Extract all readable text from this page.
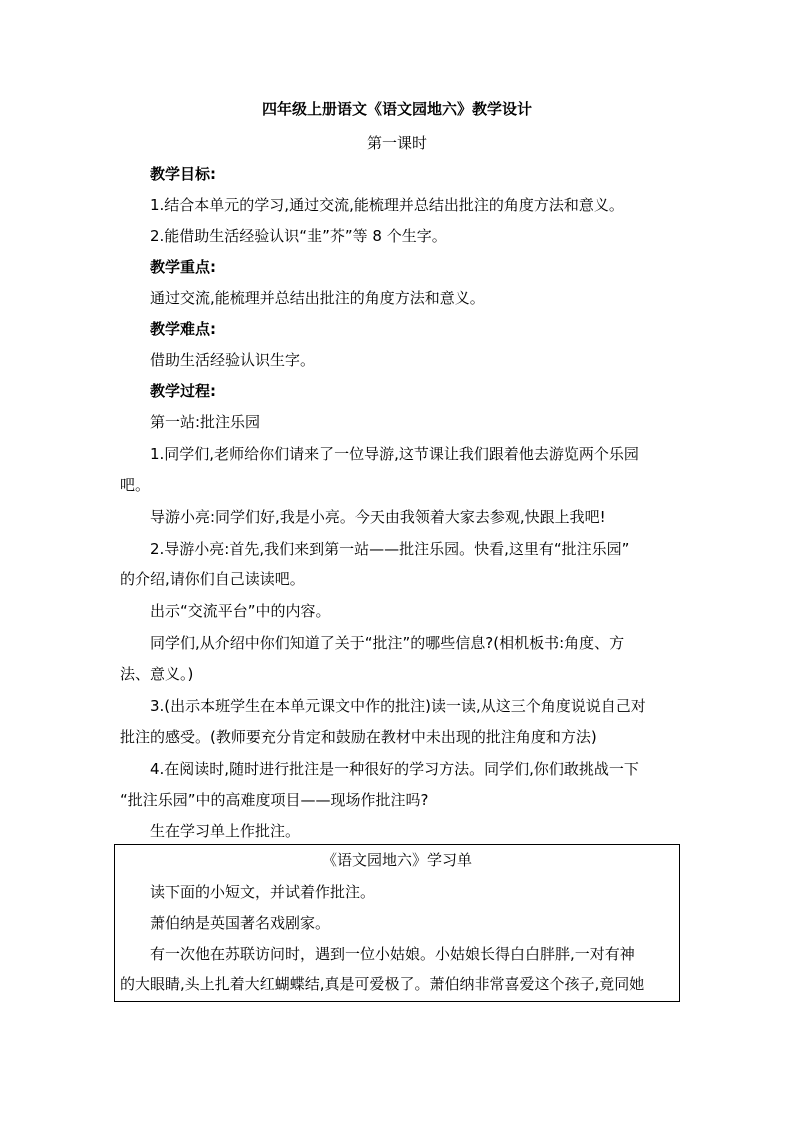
四年级上册语文《语文园地六》教学设计
第一课时
教学目标:
1.结合本单元的学习,通过交流,能梳理并总结出批注的角度方法和意义。
2.能借助生活经验认识“韭”芥”等 8 个生字。
教学重点:
通过交流,能梳理并总结出批注的角度方法和意义。
教学难点:
借助生活经验认识生字。
教学过程:
第一站:批注乐园
1.同学们,老师给你们请来了一位导游,这节课让我们跟着他去游览两个乐园
吧。
导游小亮:同学们好,我是小亮。今天由我领着大家去参观,快跟上我吧!
2.导游小亮:首先,我们来到第一站——批注乐园。快看,这里有“批注乐园”
的介绍,请你们自己读读吧。
出示“交流平台”中的内容。
同学们,从介绍中你们知道了关于“批注”的哪些信息?(相机板书:角度、方
法、意义。)
3.(出示本班学生在本单元课文中作的批注)读一读,从这三个角度说说自己对
批注的感受。(教师要充分肯定和鼓励在教材中未出现的批注角度和方法)
4.在阅读时,随时进行批注是一种很好的学习方法。同学们,你们敢挑战一下
“批注乐园”中的高难度项目——现场作批注吗?
生在学习单上作批注。
《语文园地六》学习单
读下面的小短文，并试着作批注。
萧伯纳是英国著名戏剧家。
有一次他在苏联访问时，遇到一位小姑娘。小姑娘长得白白胖胖,一对有神
的大眼睛,头上扎着大红蝴蝶结,真是可爱极了。萧伯纳非常喜爱这个孩子,竟同她
